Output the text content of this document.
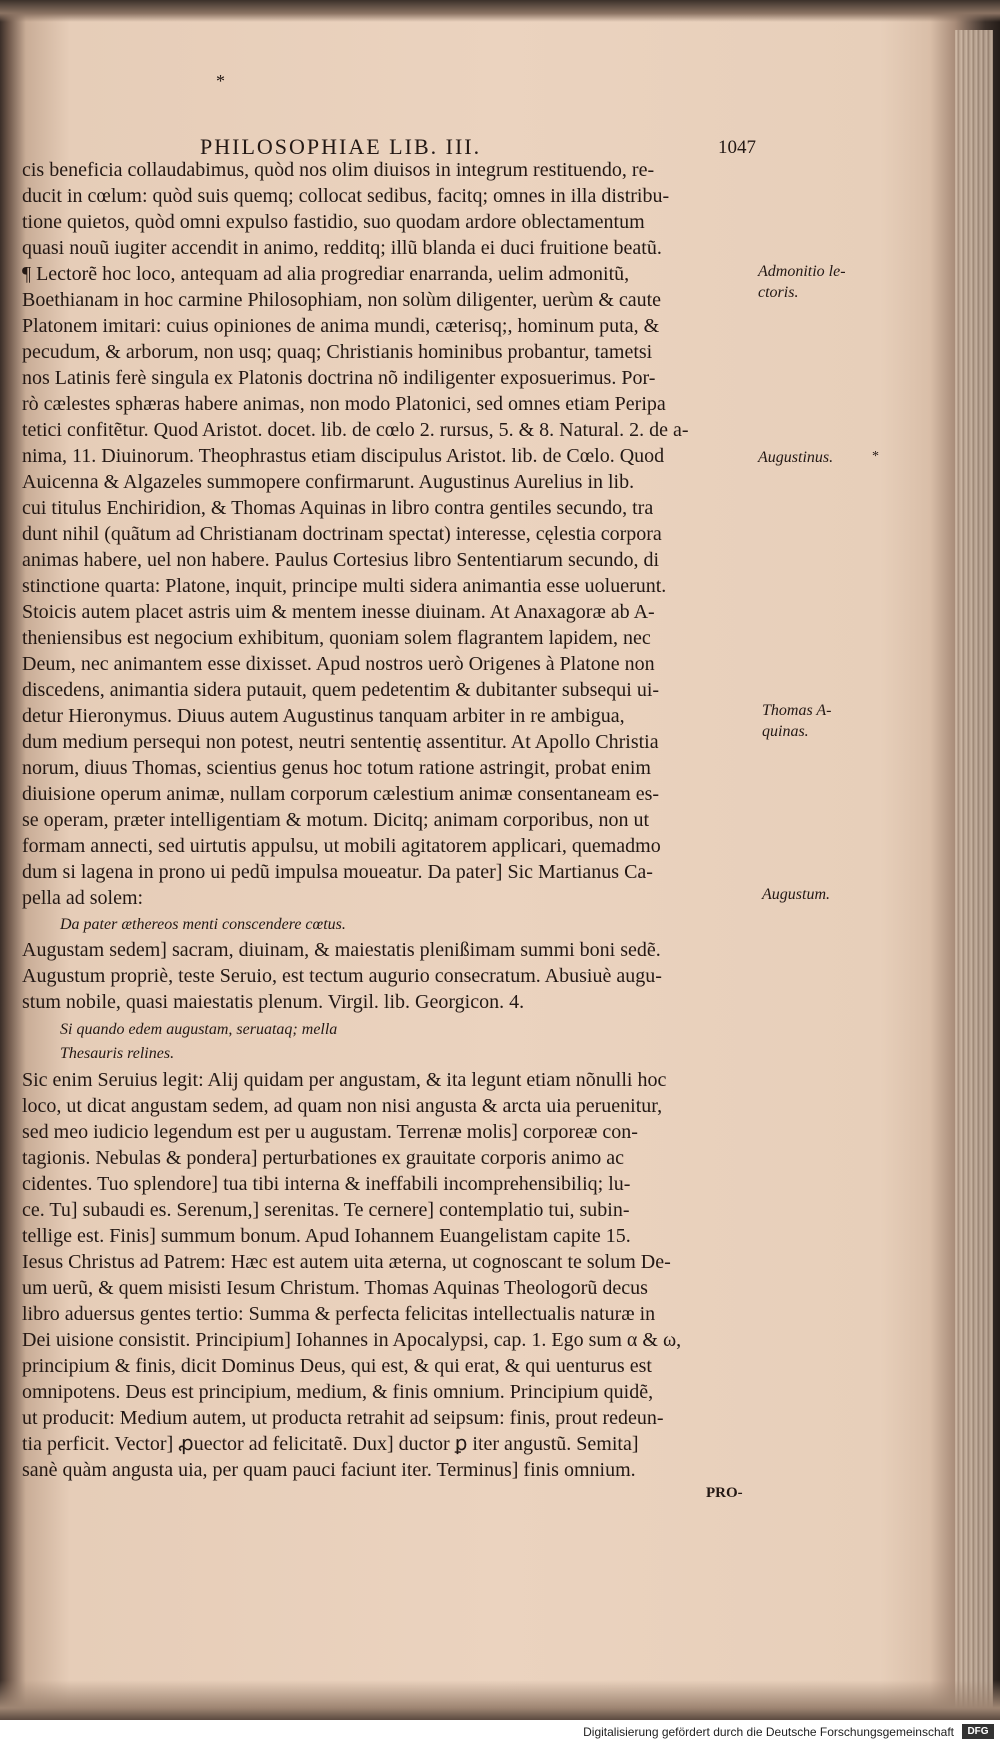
*
PHILOSOPHIAE LIB. III.	1047
cis beneficia collaudabimus, quòd nos olim diuisos in integrum restituendo, re-
ducit in cœlum: quòd suis quemq; collocat sedibus, facitq; omnes in illa distribu-
tione quietos, quòd omni expulso fastidio, suo quodam ardore oblectamentum
quasi nouũ iugiter accendit in animo, redditq; illũ blanda ei duci fruitione beatũ.
¶ Lectorẽ hoc loco, antequam ad alia progrediar enarranda, uelim admonitũ,
Boethianam in hoc carmine Philosophiam, non solùm diligenter, uerùm & caute
Platonem imitari: cuius opiniones de anima mundi, cæterisq;, hominum puta, &
pecudum, & arborum, non usq; quaq; Christianis hominibus probantur, tametsi
nos Latinis ferè singula ex Platonis doctrina nõ indiligenter exposuerimus. Por-
rò cælestes sphæras habere animas, non modo Platonici, sed omnes etiam Peripa
tetici confitẽtur. Quod Aristot. docet. lib. de cœlo 2. rursus, 5. & 8. Natural. 2. de a-
nima, 11. Diuinorum. Theophrastus etiam discipulus Aristot. lib. de Cœlo. Quod
Auicenna & Algazeles summopere confirmarunt. Augustinus Aurelius in lib.
cui titulus Enchiridion, & Thomas Aquinas in libro contra gentiles secundo, tra
dunt nihil (quãtum ad Christianam doctrinam spectat) interesse, cęlestia corpora
animas habere, uel non habere. Paulus Cortesius libro Sententiarum secundo, di
stinctione quarta: Platone, inquit, principe multi sidera animantia esse uoluerunt.
Stoicis autem placet astris uim & mentem inesse diuinam. At Anaxagoræ ab A-
theniensibus est negocium exhibitum, quoniam solem flagrantem lapidem, nec
Deum, nec animantem esse dixisset. Apud nostros uerò Origenes à Platone non
discedens, animantia sidera putauit, quem pedetentim & dubitanter subsequi ui-
detur Hieronymus. Diuus autem Augustinus tanquam arbiter in re ambigua,
dum medium persequi non potest, neutri sententię assentitur. At Apollo Christia
norum, diuus Thomas, scientius genus hoc totum ratione astringit, probat enim
diuisione operum animæ, nullam corporum cælestium animæ consentaneam es-
se operam, præter intelligentiam & motum. Dicitq; animam corporibus, non ut
formam annecti, sed uirtutis appulsu, ut mobili agitatorem applicari, quemadmo
dum si lagena in prono ui pedũ impulsa moueatur. Da pater] Sic Martianus Ca-
pella ad solem:
Da pater æthereos menti conscendere cœtus.
Augustam sedem] sacram, diuinam, & maiestatis plenißimam summi boni sedẽ.
Augustum propriè, teste Seruio, est tectum augurio consecratum. Abusiuè augu-
stum nobile, quasi maiestatis plenum. Virgil. lib. Georgicon. 4.
Si quando edem augustam, seruataq; mella
Thesauris relines.
Sic enim Seruius legit: Alij quidam per angustam, & ita legunt etiam nõnulli hoc
loco, ut dicat angustam sedem, ad quam non nisi angusta & arcta uia peruenitur,
sed meo iudicio legendum est per u augustam. Terrenæ molis] corporeæ con-
tagionis. Nebulas & pondera] perturbationes ex grauitate corporis animo ac
cidentes. Tuo splendore] tua tibi interna & ineffabili incomprehensibiliq; lu-
ce. Tu] subaudi es. Serenum,] serenitas. Te cernere] contemplatio tui, subin-
tellige est. Finis] summum bonum. Apud Iohannem Euangelistam capite 15.
Iesus Christus ad Patrem: Hæc est autem uita æterna, ut cognoscant te solum De-
um uerũ, & quem misisti Iesum Christum. Thomas Aquinas Theologorũ decus
libro aduersus gentes tertio: Summa & perfecta felicitas intellectualis naturæ in
Dei uisione consistit. Principium] Iohannes in Apocalypsi, cap. 1. Ego sum α & ω,
principium & finis, dicit Dominus Deus, qui est, & qui erat, & qui uenturus est
omnipotens. Deus est principium, medium, & finis omnium. Principium quidẽ,
ut producit: Medium autem, ut producta retrahit ad seipsum: finis, prout redeun-
tia perficit. Vector] ꝓuector ad felicitatẽ. Dux] ductor ꝑ iter angustũ. Semita]
sanè quàm angusta uia, per quam pauci faciunt iter. Terminus] finis omnium.
PRO-
Admonitio le-
ctoris.
Augustinus.	*
Thomas A-
quinas.
Augustum.
Digitalisierung gefördert durch die Deutsche Forschungsgemeinschaft	DFG
